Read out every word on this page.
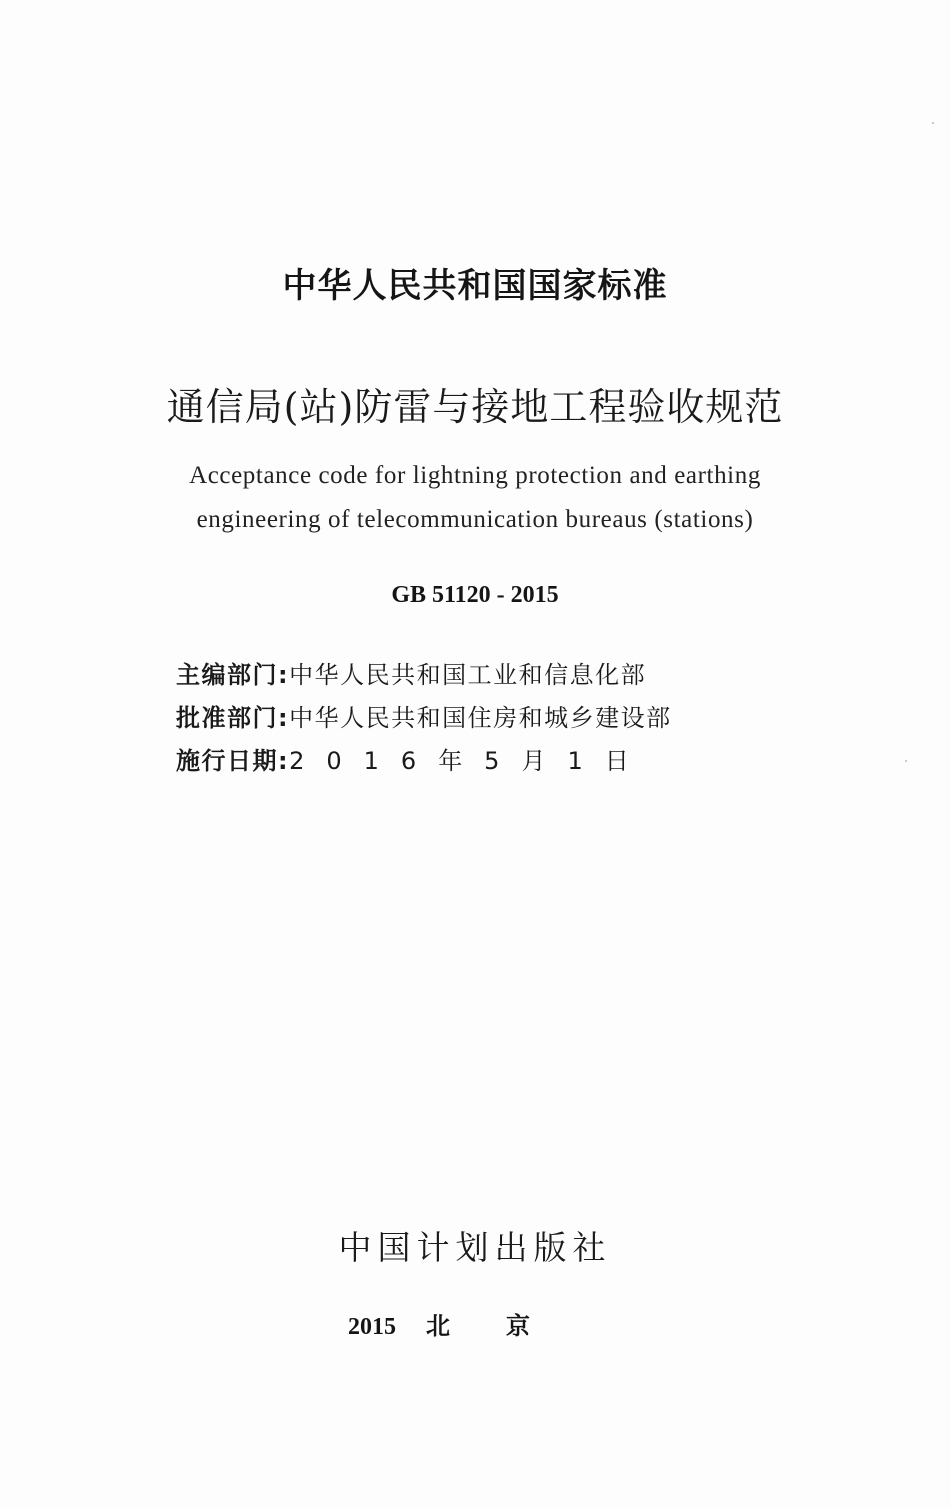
中华人民共和国国家标准
通信局(站)防雷与接地工程验收规范
Acceptance code for lightning protection and earthing
engineering of telecommunication bureaus (stations)
GB 51120 - 2015
主编部门:中华人民共和国工业和信息化部
批准部门:中华人民共和国住房和城乡建设部
施行日期:2016年5月1日
中国计划出版社
2015 北 京
